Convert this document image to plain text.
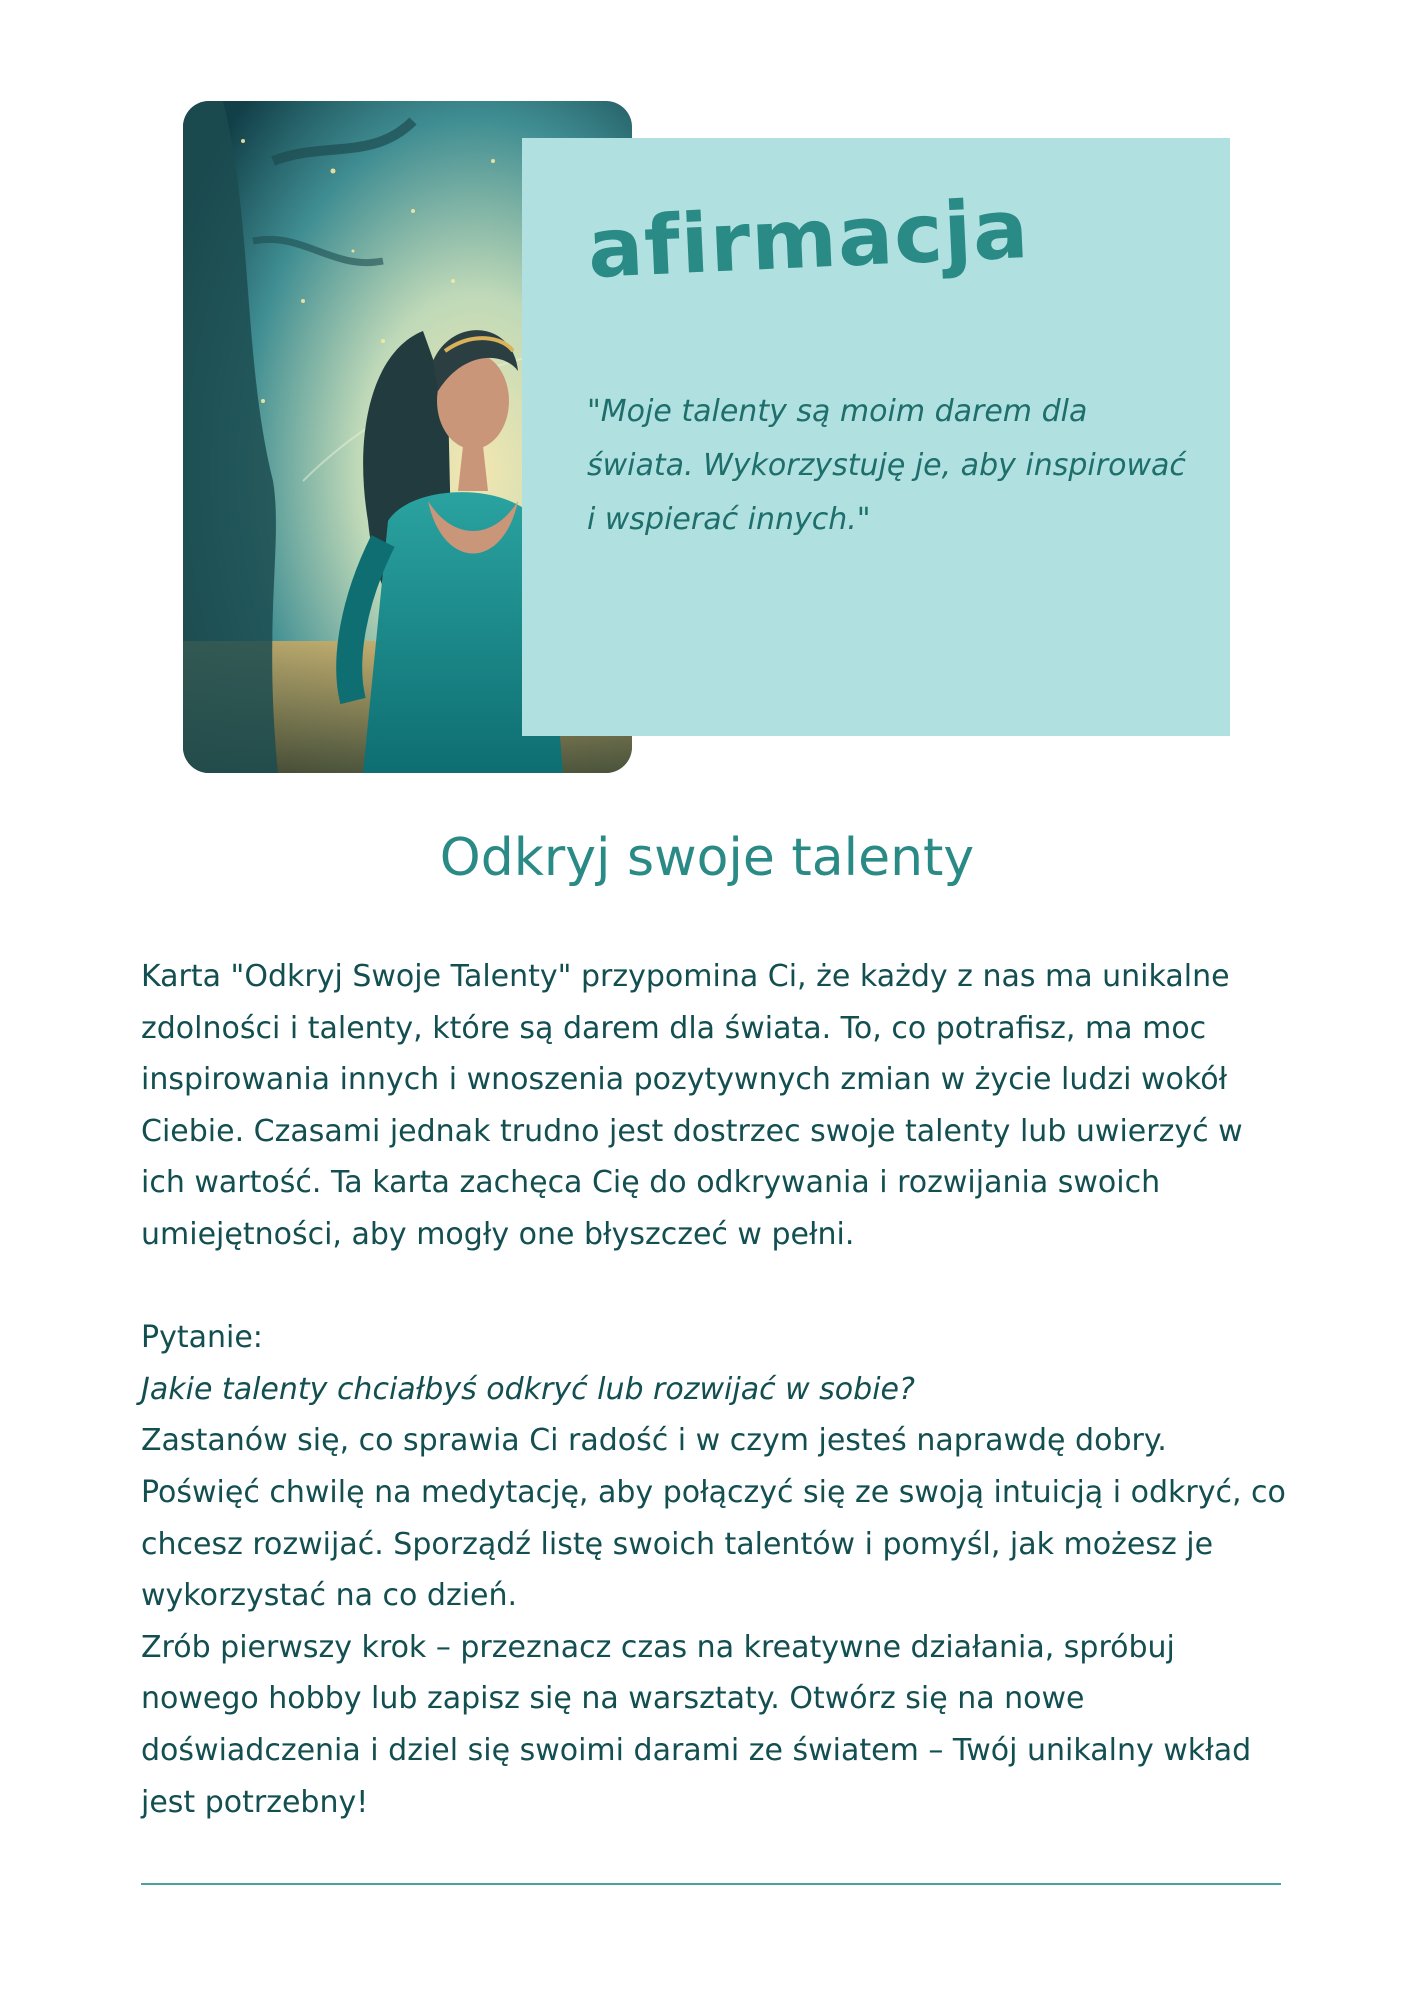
afirmacja

"Moje talenty są moim darem dla świata. Wykorzystuję je, aby inspirować i wspierać innych."

Odkryj swoje talenty

Karta "Odkryj Swoje Talenty" przypomina Ci, że każdy z nas ma unikalne zdolności i talenty, które są darem dla świata. To, co potrafisz, ma moc inspirowania innych i wnoszenia pozytywnych zmian w życie ludzi wokół Ciebie. Czasami jednak trudno jest dostrzec swoje talenty lub uwierzyć w ich wartość. Ta karta zachęca Cię do odkrywania i rozwijania swoich umiejętności, aby mogły one błyszczeć w pełni.

Pytanie:

Jakie talenty chciałbyś odkryć lub rozwijać w sobie?

Zastanów się, co sprawia Ci radość i w czym jesteś naprawdę dobry. Poświęć chwilę na medytację, aby połączyć się ze swoją intuicją i odkryć, co chcesz rozwijać. Sporządź listę swoich talentów i pomyśl, jak możesz je wykorzystać na co dzień.

Zrób pierwszy krok – przeznacz czas na kreatywne działania, spróbuj nowego hobby lub zapisz się na warsztaty. Otwórz się na nowe doświadczenia i dziel się swoimi darami ze światem – Twój unikalny wkład jest potrzebny!
